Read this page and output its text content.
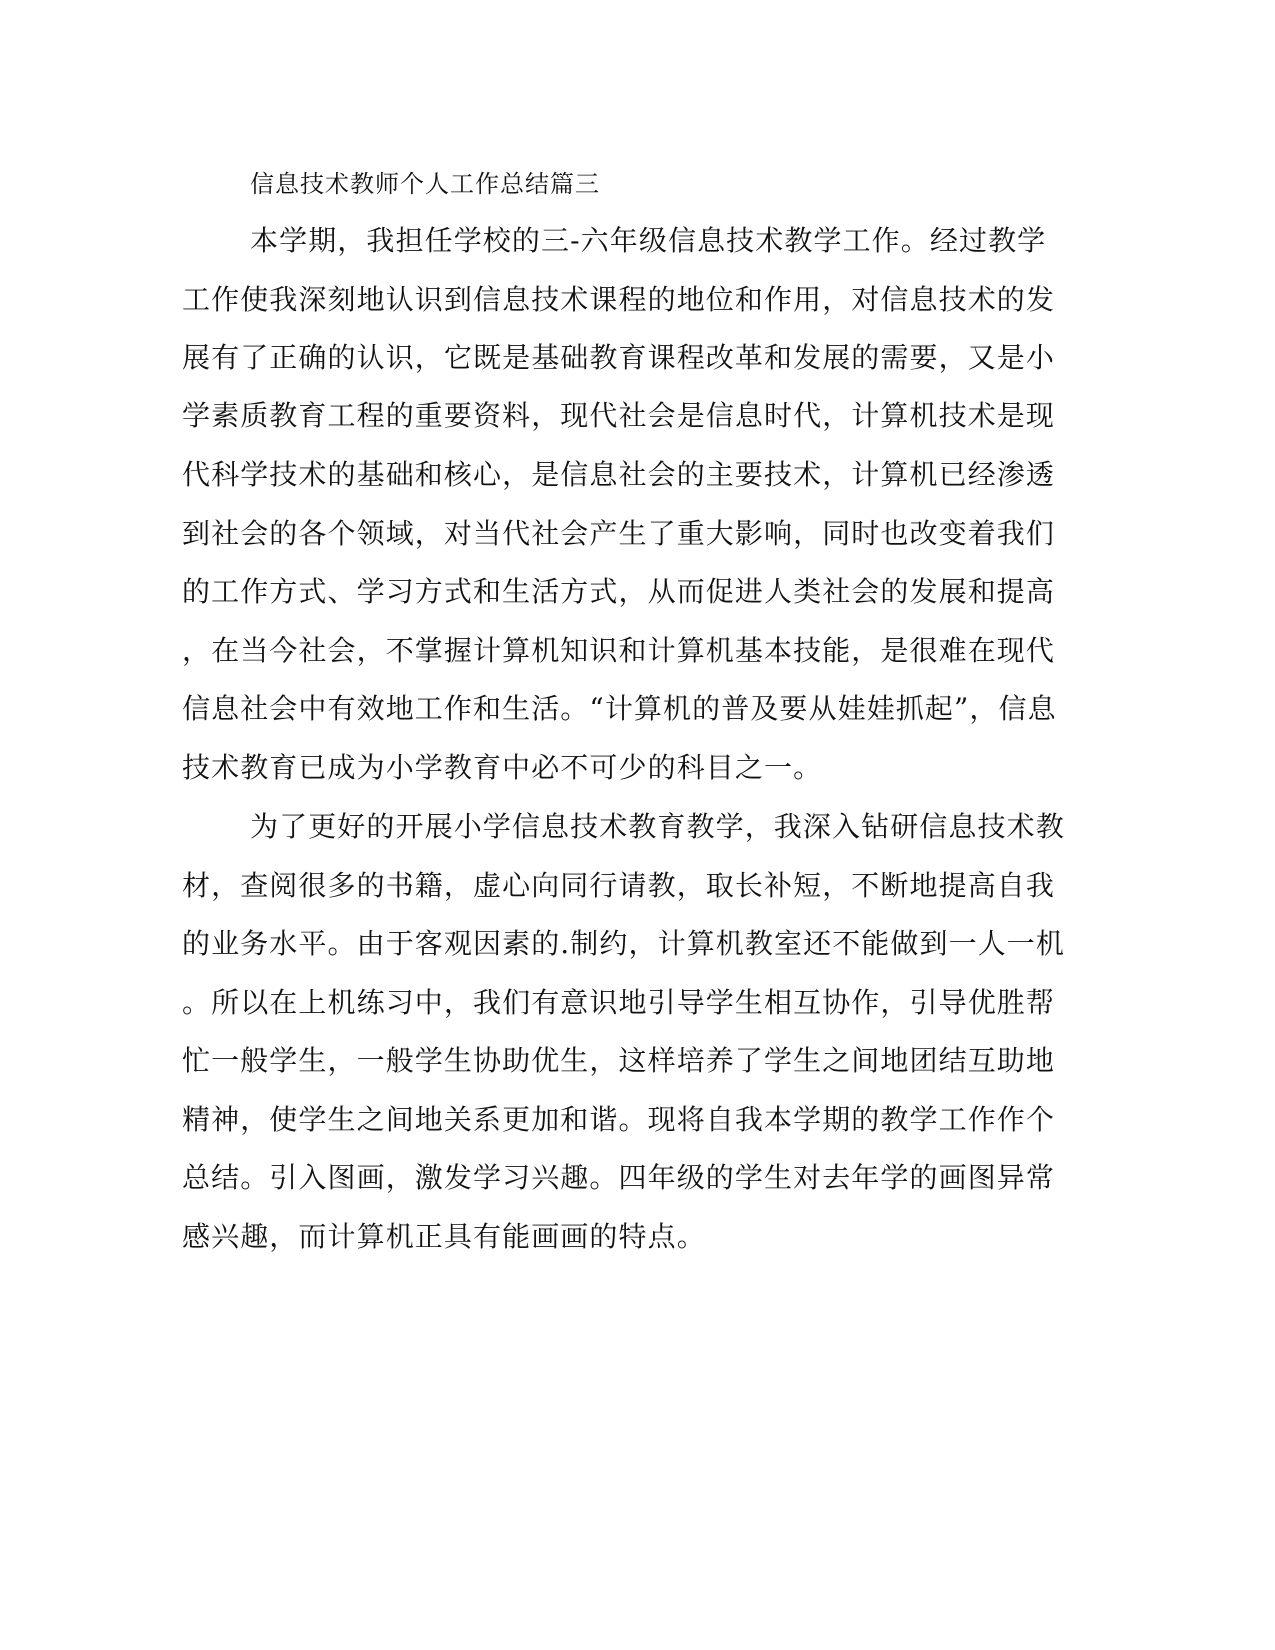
信息技术教师个人工作总结篇三
本学期，我担任学校的三-六年级信息技术教学工作。经过教学
工作使我深刻地认识到信息技术课程的地位和作用，对信息技术的发
展有了正确的认识，它既是基础教育课程改革和发展的需要，又是小
学素质教育工程的重要资料，现代社会是信息时代，计算机技术是现
代科学技术的基础和核心，是信息社会的主要技术，计算机已经渗透
到社会的各个领域，对当代社会产生了重大影响，同时也改变着我们
的工作方式、学习方式和生活方式，从而促进人类社会的发展和提高
，在当今社会，不掌握计算机知识和计算机基本技能，是很难在现代
信息社会中有效地工作和生活。“计算机的普及要从娃娃抓起”，信息
技术教育已成为小学教育中必不可少的科目之一。
为了更好的开展小学信息技术教育教学，我深入钻研信息技术教
材，查阅很多的书籍，虚心向同行请教，取长补短，不断地提高自我
的业务水平。由于客观因素的.制约，计算机教室还不能做到一人一机
。所以在上机练习中，我们有意识地引导学生相互协作，引导优胜帮
忙一般学生，一般学生协助优生，这样培养了学生之间地团结互助地
精神，使学生之间地关系更加和谐。现将自我本学期的教学工作作个
总结。引入图画，激发学习兴趣。四年级的学生对去年学的画图异常
感兴趣，而计算机正具有能画画的特点。
